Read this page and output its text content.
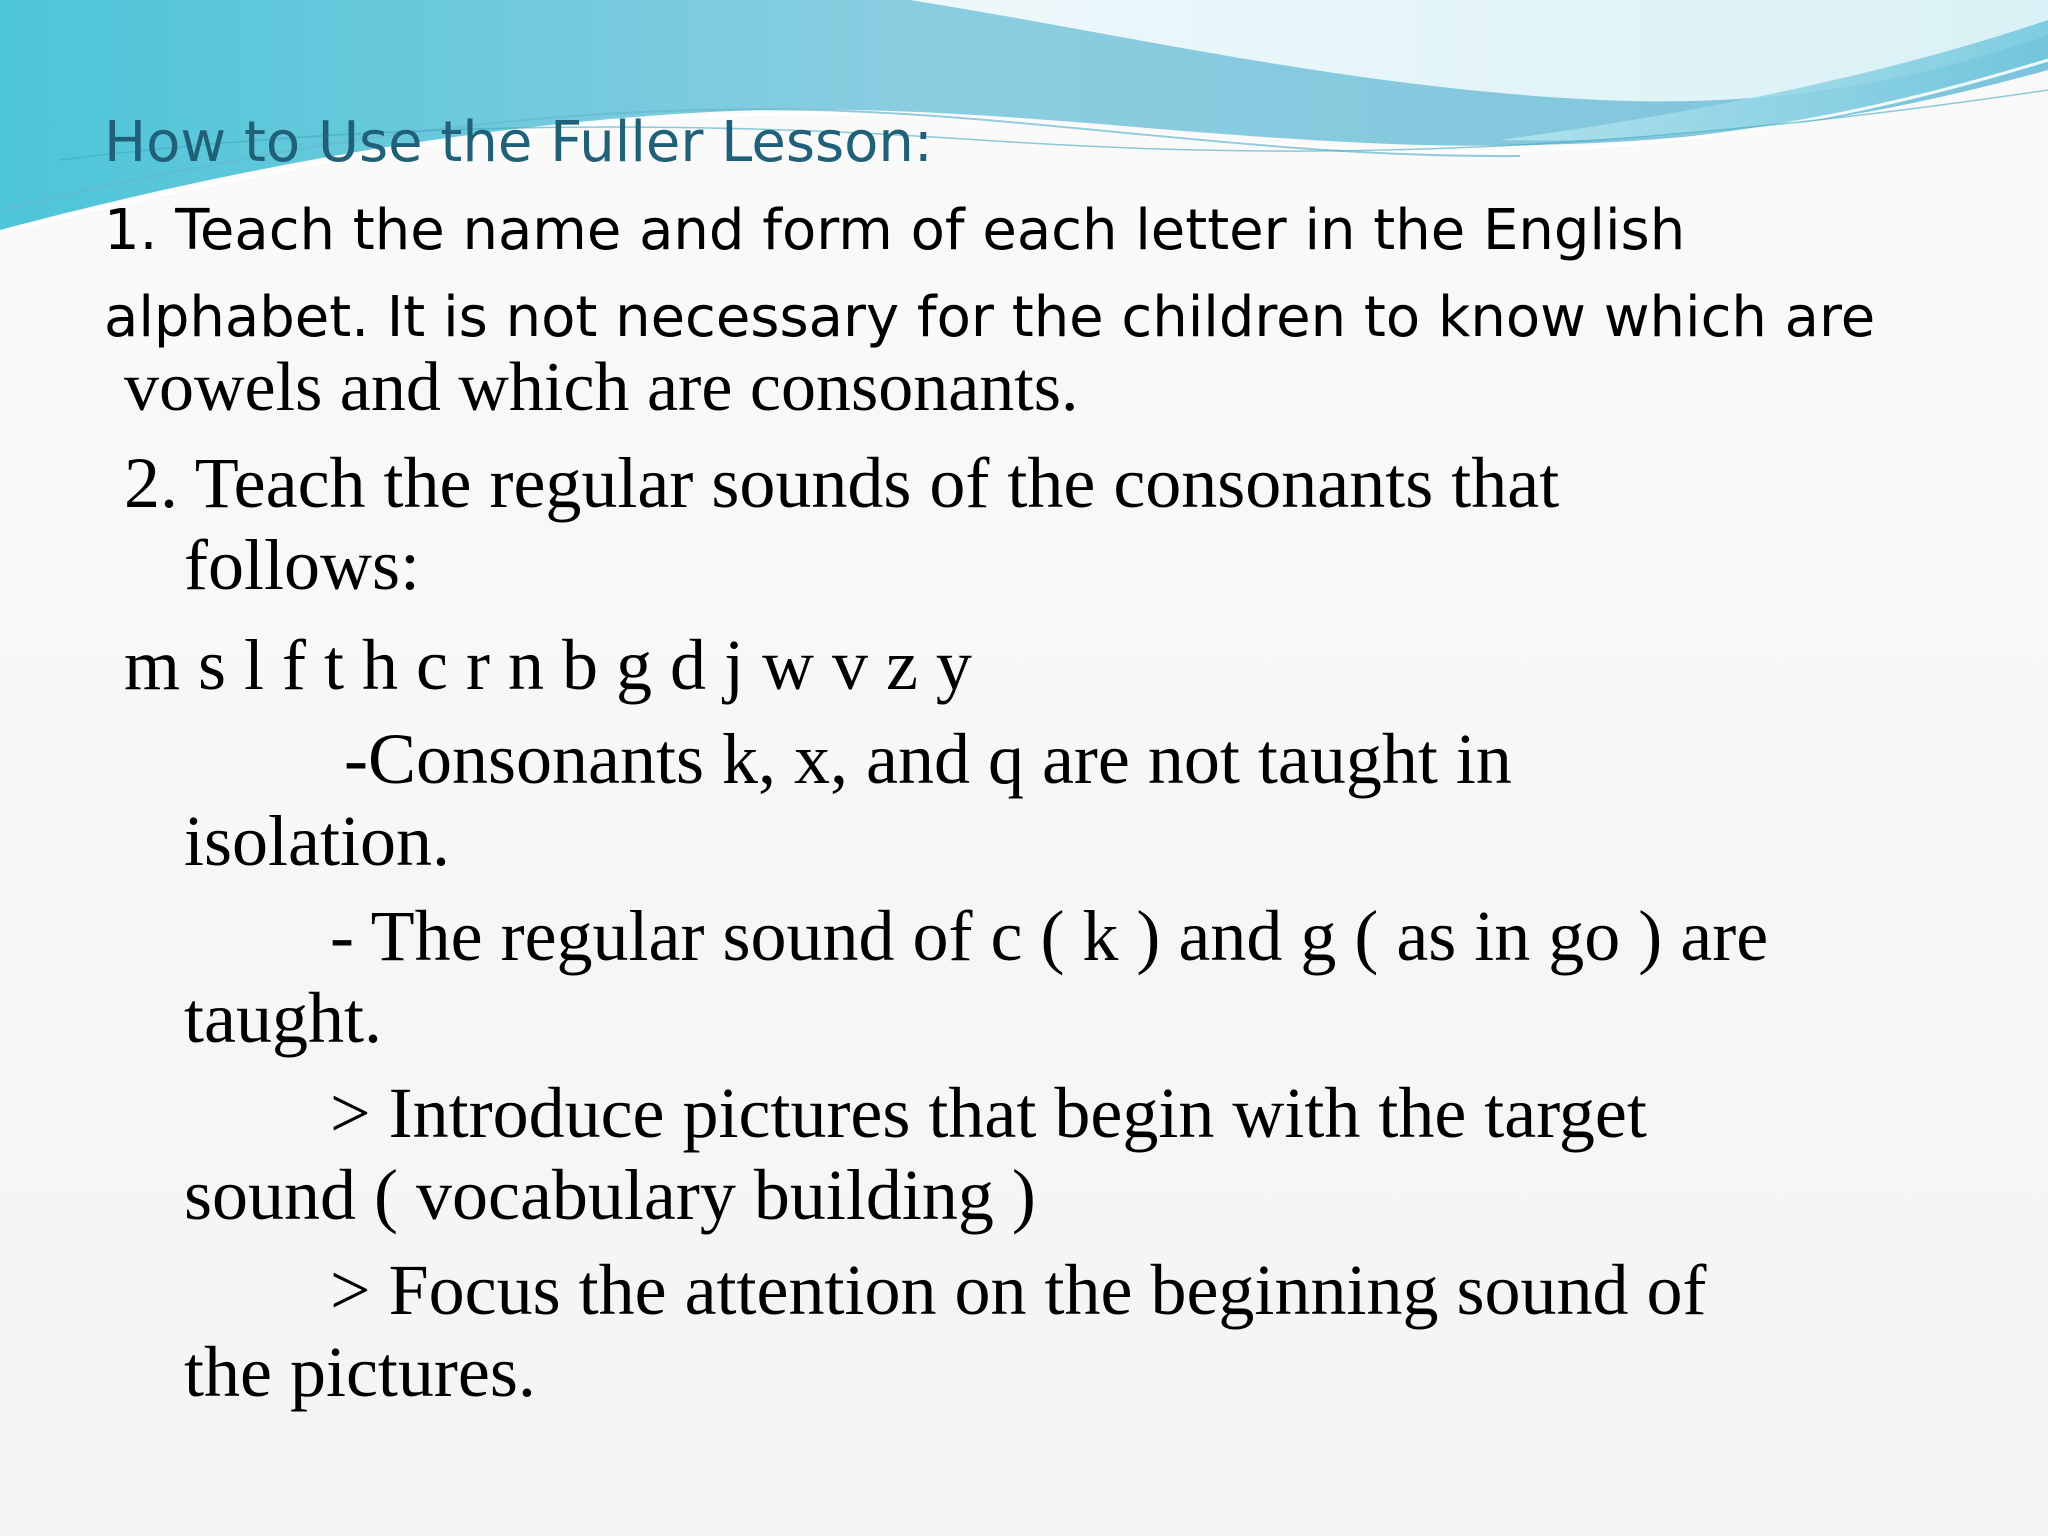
How to Use the Fuller Lesson:

1. Teach the name and form of each letter in the English

alphabet. It is not necessary for the children to know which are

vowels and which are consonants.

2. Teach the regular sounds of the consonants that

follows:

m s l f t h c r n b g d j w v z y

-Consonants k, x, and q are not taught in

isolation.

- The regular sound of c ( k ) and g ( as in go ) are

taught.

> Introduce pictures that begin with the target

sound ( vocabulary building )

> Focus the attention on the beginning sound of

the pictures.
